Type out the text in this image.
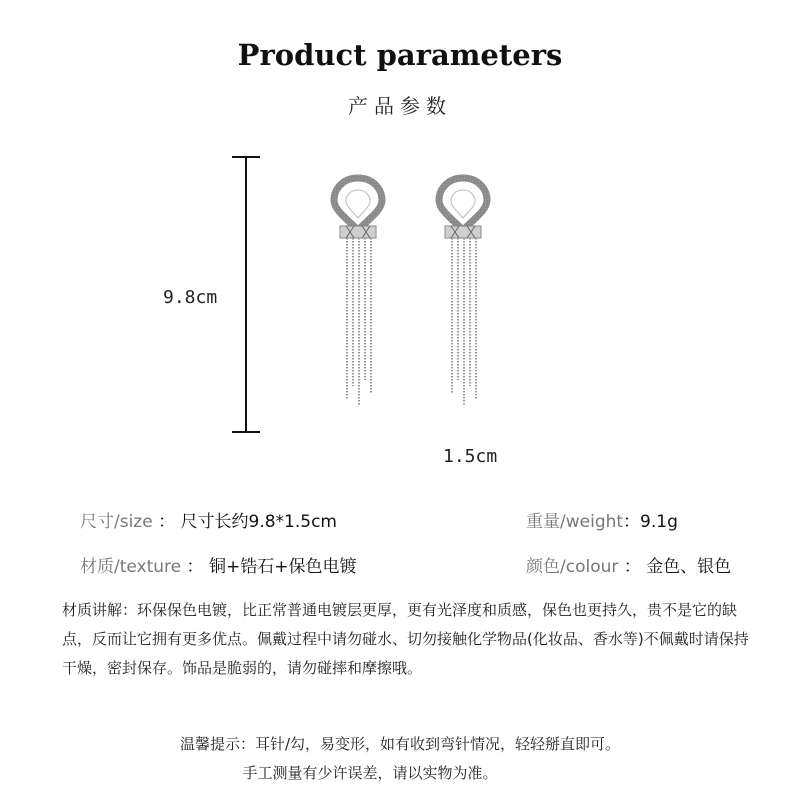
Product parameters
产品参数
9.8cm
1.5cm
尺寸/size ： 尺寸长约9.8*1.5cm	重量/weight：9.1g
材质/texture ： 铜+锆石+保色电镀	颜色/colour ： 金色、银色
材质讲解：环保保色电镀，比正常普通电镀层更厚，更有光泽度和质感，保色也更持久，贵不是它的缺点，反而让它拥有更多优点。佩戴过程中请勿碰水、切勿接触化学物品(化妆品、香水等)不佩戴时请保持干燥，密封保存。饰品是脆弱的，请勿碰摔和摩擦哦。
温馨提示：耳针/勾，易变形，如有收到弯针情况，轻轻掰直即可。
手工测量有少许误差，请以实物为准。
